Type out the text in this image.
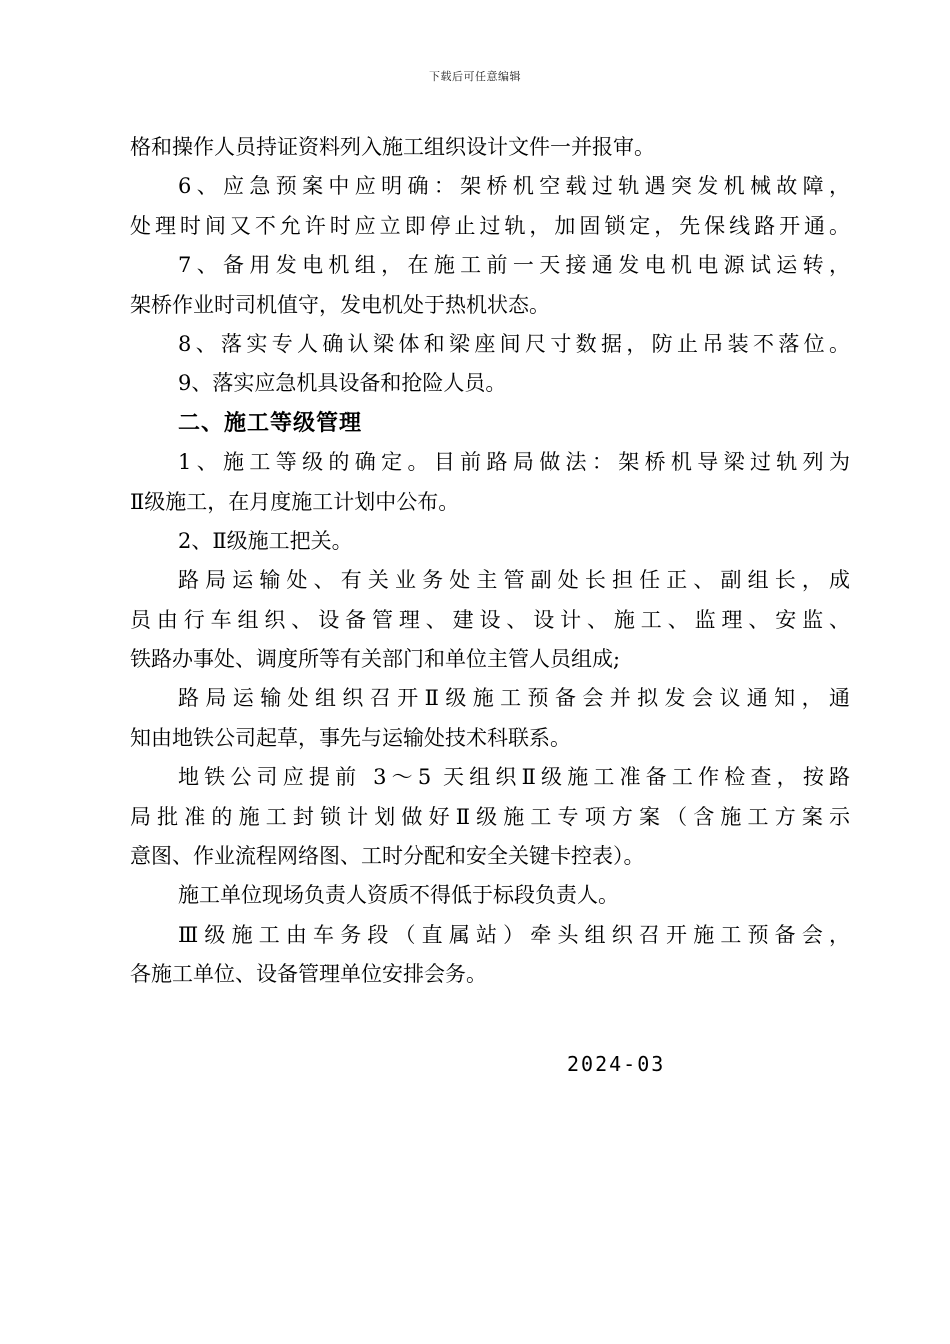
下载后可任意编辑
格和操作人员持证资料列入施工组织设计文件一并报审。
6、应急预案中应明确：架桥机空载过轨遇突发机械故障，
处理时间又不允许时应立即停止过轨，加固锁定，先保线路开通。
7、备用发电机组，在施工前一天接通发电机电源试运转，
架桥作业时司机值守，发电机处于热机状态。
8、落实专人确认梁体和梁座间尺寸数据，防止吊装不落位。
9、落实应急机具设备和抢险人员。
二、施工等级管理
1、施工等级的确定。目前路局做法：架桥机导梁过轨列为
Ⅱ级施工，在月度施工计划中公布。
2、Ⅱ级施工把关。
路局运输处、有关业务处主管副处长担任正、副组长，成
员由行车组织、设备管理、建设、设计、施工、监理、安监、
铁路办事处、调度所等有关部门和单位主管人员组成;
路局运输处组织召开Ⅱ级施工预备会并拟发会议通知，通
知由地铁公司起草，事先与运输处技术科联系。
地铁公司应提前 3～5 天组织Ⅱ级施工准备工作检查，按路
局批准的施工封锁计划做好Ⅱ级施工专项方案（含施工方案示
意图、作业流程网络图、工时分配和安全关键卡控表）。
施工单位现场负责人资质不得低于标段负责人。
Ⅲ级施工由车务段（直属站）牵头组织召开施工预备会，
各施工单位、设备管理单位安排会务。
2024-03
